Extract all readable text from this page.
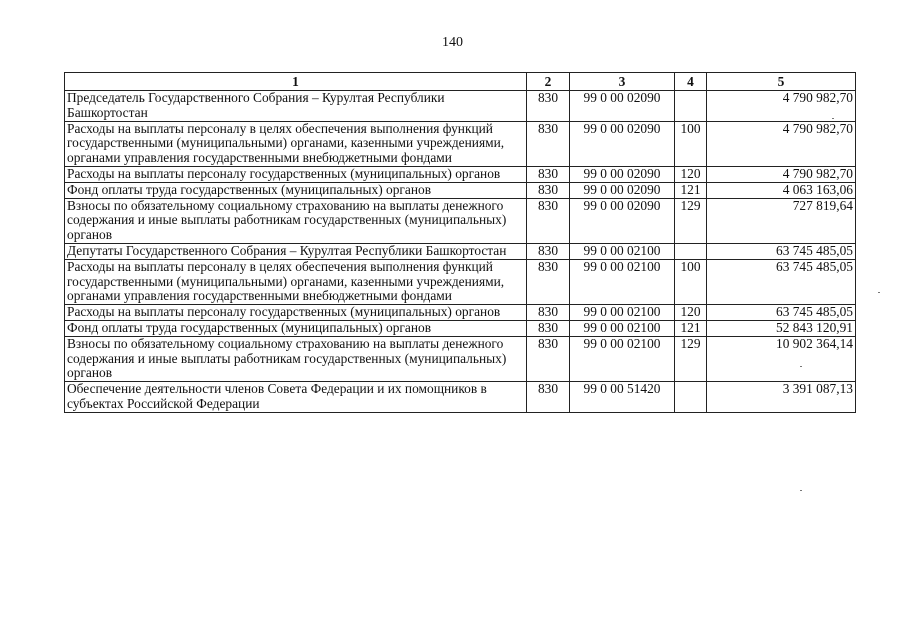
140
1	2	3	4	5
Председатель Государственного Собрания – Курултая Республики Башкортостан	830	99 0 00 02090		4 790 982,70
Расходы на выплаты персоналу в целях обеспечения выполнения функций государственными (муниципальными) органами, казенными учреждениями, органами управления государственными внебюджетными фондами	830	99 0 00 02090	100	4 790 982,70
Расходы на выплаты персоналу государственных (муниципальных) органов	830	99 0 00 02090	120	4 790 982,70
Фонд оплаты труда государственных (муниципальных) органов	830	99 0 00 02090	121	4 063 163,06
Взносы по обязательному социальному страхованию на выплаты денежного содержания и иные выплаты работникам государственных (муниципальных) органов	830	99 0 00 02090	129	727 819,64
Депутаты Государственного Собрания – Курултая Республики Башкортостан	830	99 0 00 02100		63 745 485,05
Расходы на выплаты персоналу в целях обеспечения выполнения функций государственными (муниципальными) органами, казенными учреждениями, органами управления государственными внебюджетными фондами	830	99 0 00 02100	100	63 745 485,05
Расходы на выплаты персоналу государственных (муниципальных) органов	830	99 0 00 02100	120	63 745 485,05
Фонд оплаты труда государственных (муниципальных) органов	830	99 0 00 02100	121	52 843 120,91
Взносы по обязательному социальному страхованию на выплаты денежного содержания и иные выплаты работникам государственных (муниципальных) органов	830	99 0 00 02100	129	10 902 364,14
Обеспечение деятельности членов Совета Федерации и их помощников в субъектах Российской Федерации	830	99 0 00 51420		3 391 087,13
